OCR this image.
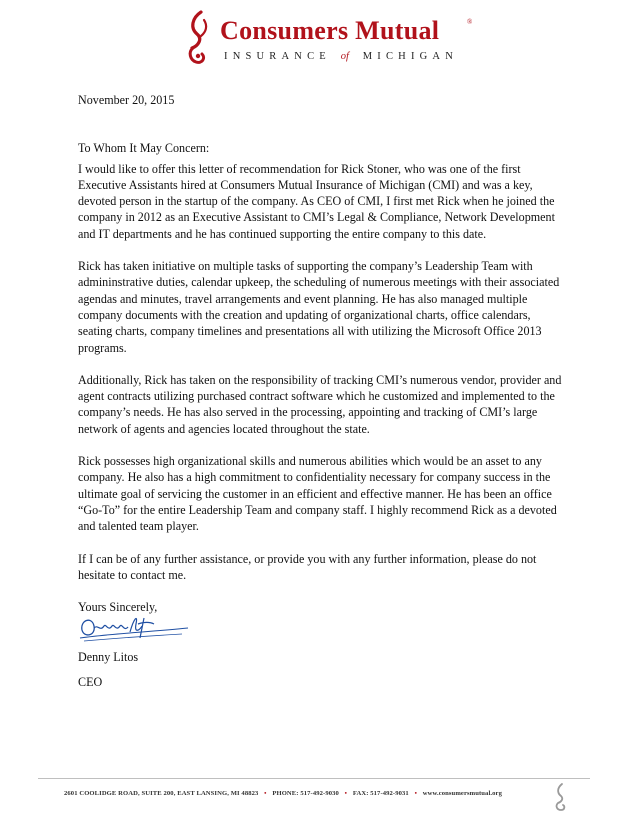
Consumers Mutual	®
INSURANCE of MICHIGAN

November 20, 2015

To Whom It May Concern:

I would like to offer this letter of recommendation for Rick Stoner, who was one of the first Executive Assistants hired at Consumers Mutual Insurance of Michigan (CMI) and was a key, devoted person in the startup of the company. As CEO of CMI, I first met Rick when he joined the company in 2012 as an Executive Assistant to CMI’s Legal & Compliance, Network Development and IT departments and he has continued supporting the entire company to this date.

Rick has taken initiative on multiple tasks of supporting the company’s Leadership Team with admininstrative duties, calendar upkeep, the scheduling of numerous meetings with their associated agendas and minutes, travel arrangements and event planning. He has also managed multiple company documents with the creation and updating of organizational charts, office calendars, seating charts, company timelines and presentations all with utilizing the Microsoft Office 2013 programs.

Additionally, Rick has taken on the responsibility of tracking CMI’s numerous vendor, provider and agent contracts utilizing purchased contract software which he customized and implemented to the company’s needs. He has also served in the processing, appointing and tracking of CMI’s large network of agents and agencies located throughout the state.

Rick possesses high organizational skills and numerous abilities which would be an asset to any company. He also has a high commitment to confidentiality necessary for company success in the ultimate goal of servicing the customer in an efficient and effective manner. He has been an office “Go-To” for the entire Leadership Team and company staff. I highly recommend Rick as a devoted and talented team player.

If I can be of any further assistance, or provide you with any further information, please do not hesitate to contact me.

Yours Sincerely,

Denny Litos
CEO
2601 COOLIDGE ROAD, SUITE 200, EAST LANSING, MI 48823 • PHONE: 517-492-9030 • FAX: 517-492-9031 • www.consumersmutual.org
